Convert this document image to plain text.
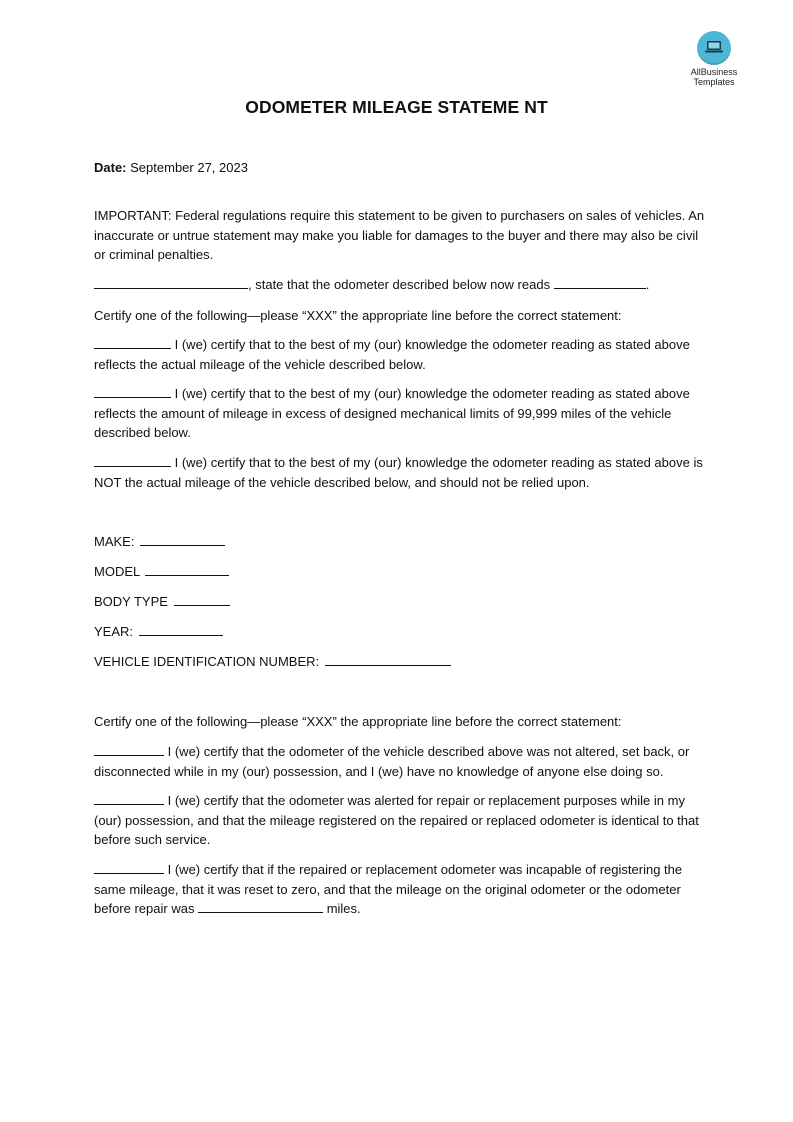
AllBusiness
Templates
ODOMETER MILEAGE STATEME NT
Date: September 27, 2023
IMPORTANT: Federal regulations require this statement to be given to purchasers on sales of vehicles. An inaccurate or untrue statement may make you liable for damages to the buyer and there may also be civil or criminal penalties.
, state that the odometer described below now reads	.
Certify one of the following—please “XXX” the appropriate line before the correct statement:
I (we) certify that to the best of my (our) knowledge the odometer reading as stated above reflects the actual mileage of the vehicle described below.
I (we) certify that to the best of my (our) knowledge the odometer reading as stated above reflects the amount of mileage in excess of designed mechanical limits of 99,999 miles of the vehicle described below.
I (we) certify that to the best of my (our) knowledge the odometer reading as stated above is NOT the actual mileage of the vehicle described below, and should not be relied upon.
MAKE:
MODEL
BODY TYPE
YEAR:
VEHICLE IDENTIFICATION NUMBER:
Certify one of the following—please “XXX” the appropriate line before the correct statement:
I (we) certify that the odometer of the vehicle described above was not altered, set back, or disconnected while in my (our) possession, and I (we) have no knowledge of anyone else doing so.
I (we) certify that the odometer was alerted for repair or replacement purposes while in my (our) possession, and that the mileage registered on the repaired or replaced odometer is identical to that before such service.
I (we) certify that if the repaired or replacement odometer was incapable of registering the same mileage, that it was reset to zero, and that the mileage on the original odometer or the odometer before repair was	miles.
